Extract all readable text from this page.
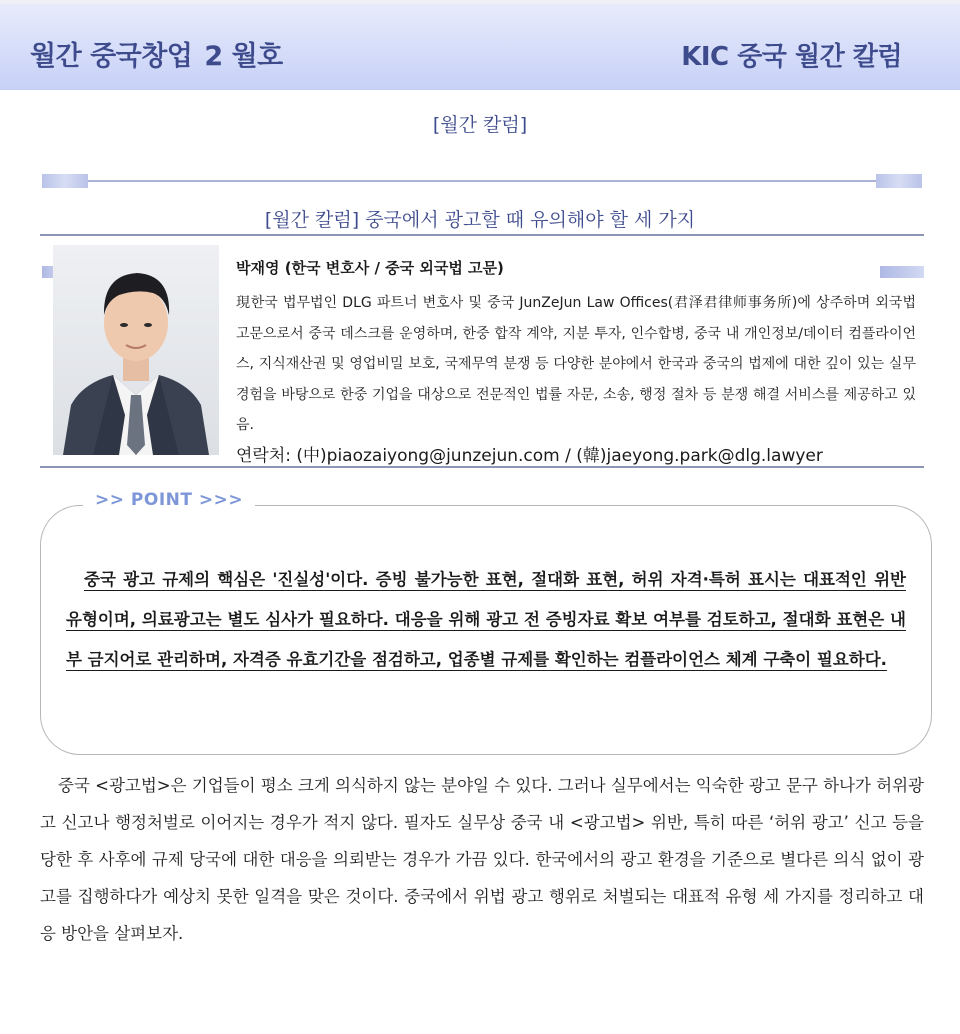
월간 중국창업 2 월호	KIC 중국 월간 칼럼
[월간 칼럼]
[월간 칼럼] 중국에서 광고할 때 유의해야 할 세 가지
박재영 (한국 변호사 / 중국 외국법 고문)
現한국 법무법인 DLG 파트너 변호사 및 중국 JunZeJun Law Offices(君泽君律师事务所)에 상주하며 외국법 고문으로서 중국 데스크를 운영하며, 한중 합작 계약, 지분 투자, 인수합병, 중국 내 개인정보/데이터 컴플라이언스, 지식재산권 및 영업비밀 보호, 국제무역 분쟁 등 다양한 분야에서 한국과 중국의 법제에 대한 깊이 있는 실무 경험을 바탕으로 한중 기업을 대상으로 전문적인 법률 자문, 소송, 행정 절차 등 분쟁 해결 서비스를 제공하고 있음.
연락처: (中)piaozaiyong@junzejun.com / (韓)jaeyong.park@dlg.lawyer
>> POINT >>>
중국 광고 규제의 핵심은 '진실성'이다. 증빙 불가능한 표현, 절대화 표현, 허위 자격·특허 표시는 대표적인 위반 유형이며, 의료광고는 별도 심사가 필요하다. 대응을 위해 광고 전 증빙자료 확보 여부를 검토하고, 절대화 표현은 내부 금지어로 관리하며, 자격증 유효기간을 점검하고, 업종별 규제를 확인하는 컴플라이언스 체계 구축이 필요하다.
중국 <광고법>은 기업들이 평소 크게 의식하지 않는 분야일 수 있다. 그러나 실무에서는 익숙한 광고 문구 하나가 허위광고 신고나 행정처벌로 이어지는 경우가 적지 않다. 필자도 실무상 중국 내 <광고법> 위반, 특히 따른 ‘허위 광고’ 신고 등을 당한 후 사후에 규제 당국에 대한 대응을 의뢰받는 경우가 가끔 있다. 한국에서의 광고 환경을 기준으로 별다른 의식 없이 광고를 집행하다가 예상치 못한 일격을 맞은 것이다. 중국에서 위법 광고 행위로 처벌되는 대표적 유형 세 가지를 정리하고 대응 방안을 살펴보자.
